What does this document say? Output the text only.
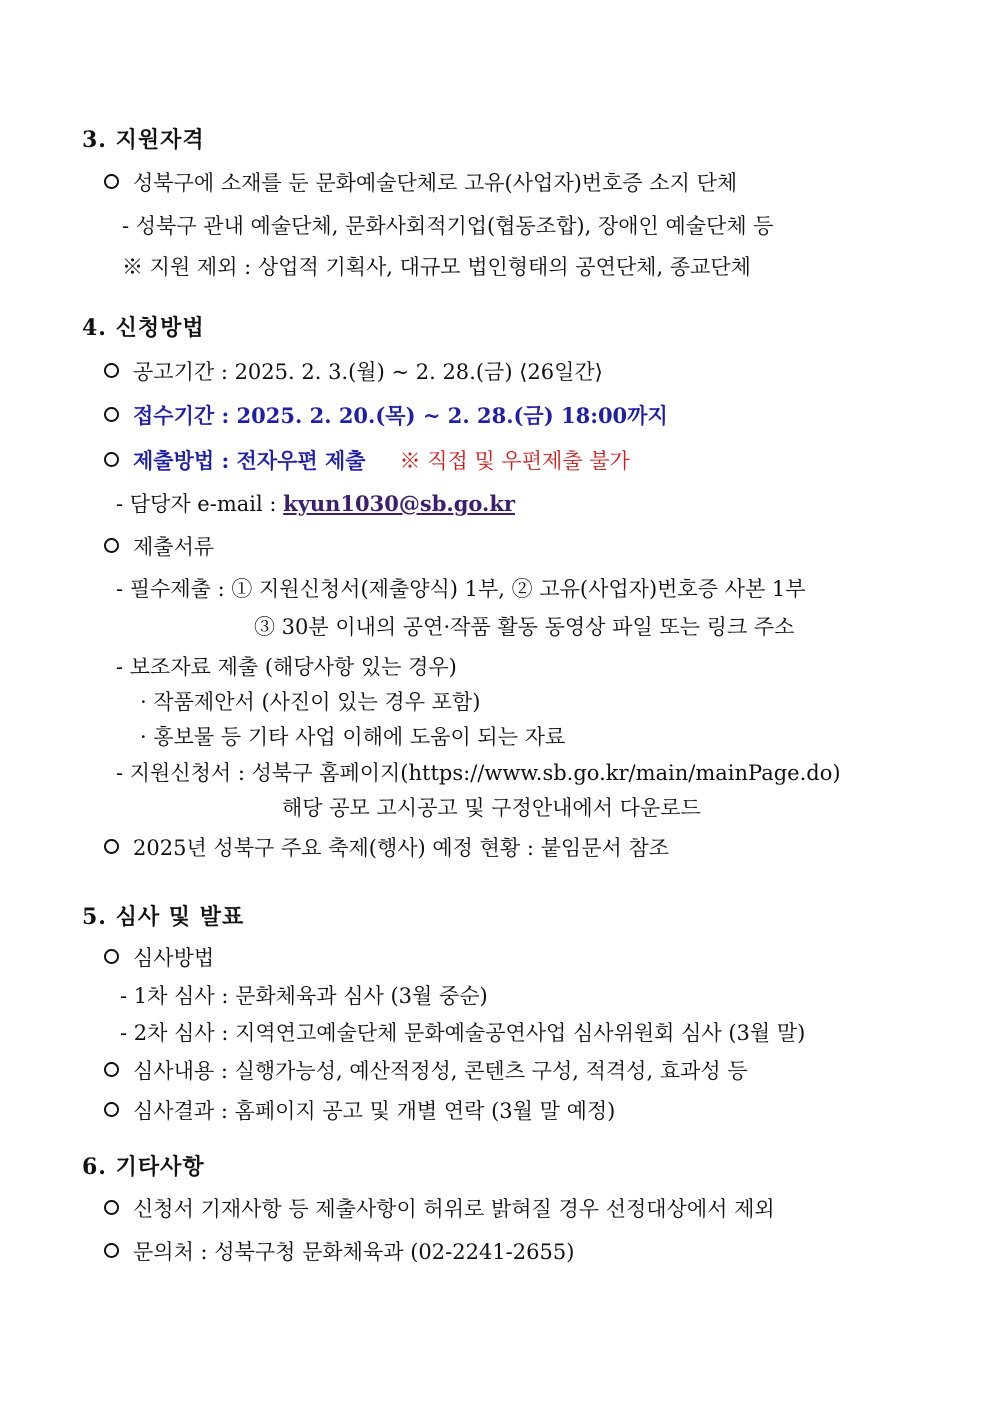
3. 지원자격
성북구에 소재를 둔 문화예술단체로 고유(사업자)번호증 소지 단체
- 성북구 관내 예술단체, 문화사회적기업(협동조합), 장애인 예술단체 등
※ 지원 제외 : 상업적 기획사, 대규모 법인형태의 공연단체, 종교단체
4. 신청방법
공고기간 : 2025. 2. 3.(월) ~ 2. 28.(금) ⟨26일간⟩
접수기간 : 2025. 2. 20.(목) ~ 2. 28.(금) 18:00까지
제출방법 : 전자우편 제출 ※ 직접 및 우편제출 불가
- 담당자 e-mail : kyun1030@sb.go.kr
제출서류
- 필수제출 : ① 지원신청서(제출양식) 1부, ② 고유(사업자)번호증 사본 1부
③ 30분 이내의 공연·작품 활동 동영상 파일 또는 링크 주소
- 보조자료 제출 (해당사항 있는 경우)
· 작품제안서 (사진이 있는 경우 포함)
· 홍보물 등 기타 사업 이해에 도움이 되는 자료
- 지원신청서 : 성북구 홈페이지(https://www.sb.go.kr/main/mainPage.do)
해당 공모 고시공고 및 구정안내에서 다운로드
2025년 성북구 주요 축제(행사) 예정 현황 : 붙임문서 참조
5. 심사 및 발표
심사방법
- 1차 심사 : 문화체육과 심사 (3월 중순)
- 2차 심사 : 지역연고예술단체 문화예술공연사업 심사위원회 심사 (3월 말)
심사내용 : 실행가능성, 예산적정성, 콘텐츠 구성, 적격성, 효과성 등
심사결과 : 홈페이지 공고 및 개별 연락 (3월 말 예정)
6. 기타사항
신청서 기재사항 등 제출사항이 허위로 밝혀질 경우 선정대상에서 제외
문의처 : 성북구청 문화체육과 (02-2241-2655)
